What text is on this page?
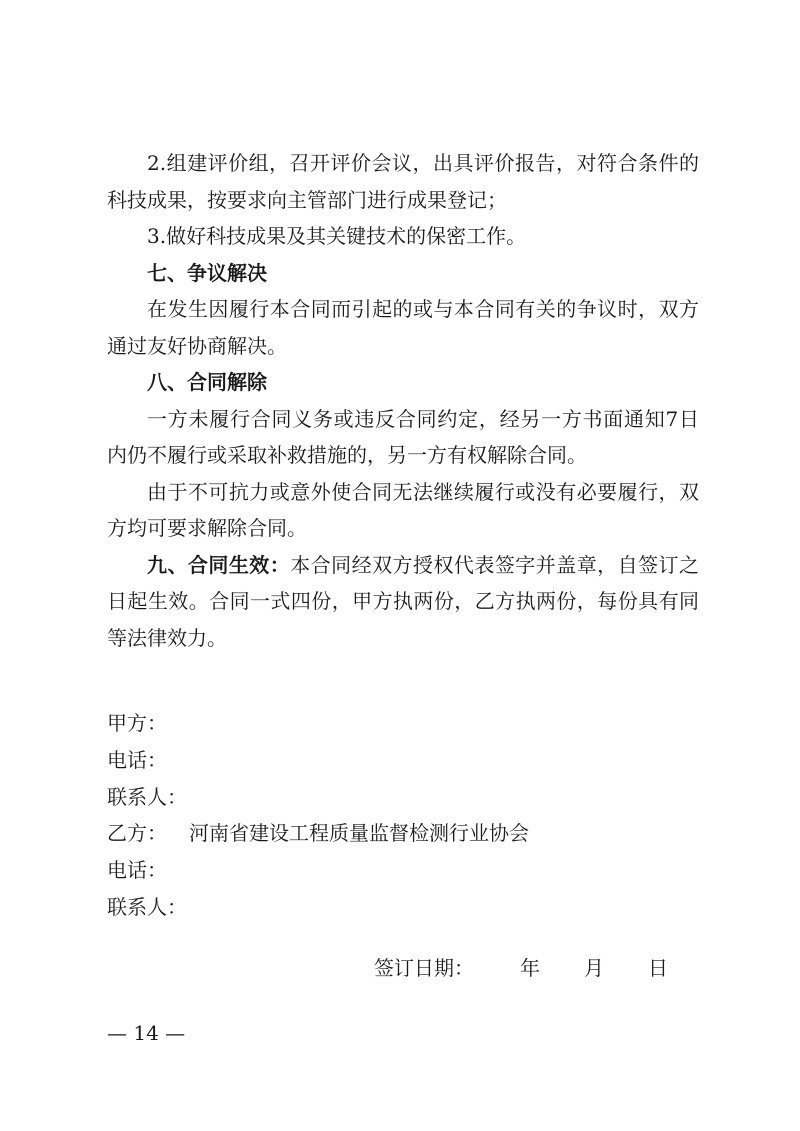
2.组建评价组，召开评价会议，出具评价报告，对符合条件的科技成果，按要求向主管部门进行成果登记；

3.做好科技成果及其关键技术的保密工作。

七、争议解决

在发生因履行本合同而引起的或与本合同有关的争议时，双方通过友好协商解决。

八、合同解除

一方未履行合同义务或违反合同约定，经另一方书面通知7日内仍不履行或采取补救措施的，另一方有权解除合同。

由于不可抗力或意外使合同无法继续履行或没有必要履行，双方均可要求解除合同。

九、合同生效：本合同经双方授权代表签字并盖章，自签订之日起生效。合同一式四份，甲方执两份，乙方执两份，每份具有同等法律效力。

甲方：

电话：

联系人：

乙方： 河南省建设工程质量监督检测行业协会

电话：

联系人：

签订日期： 年 月 日
— 14 —
